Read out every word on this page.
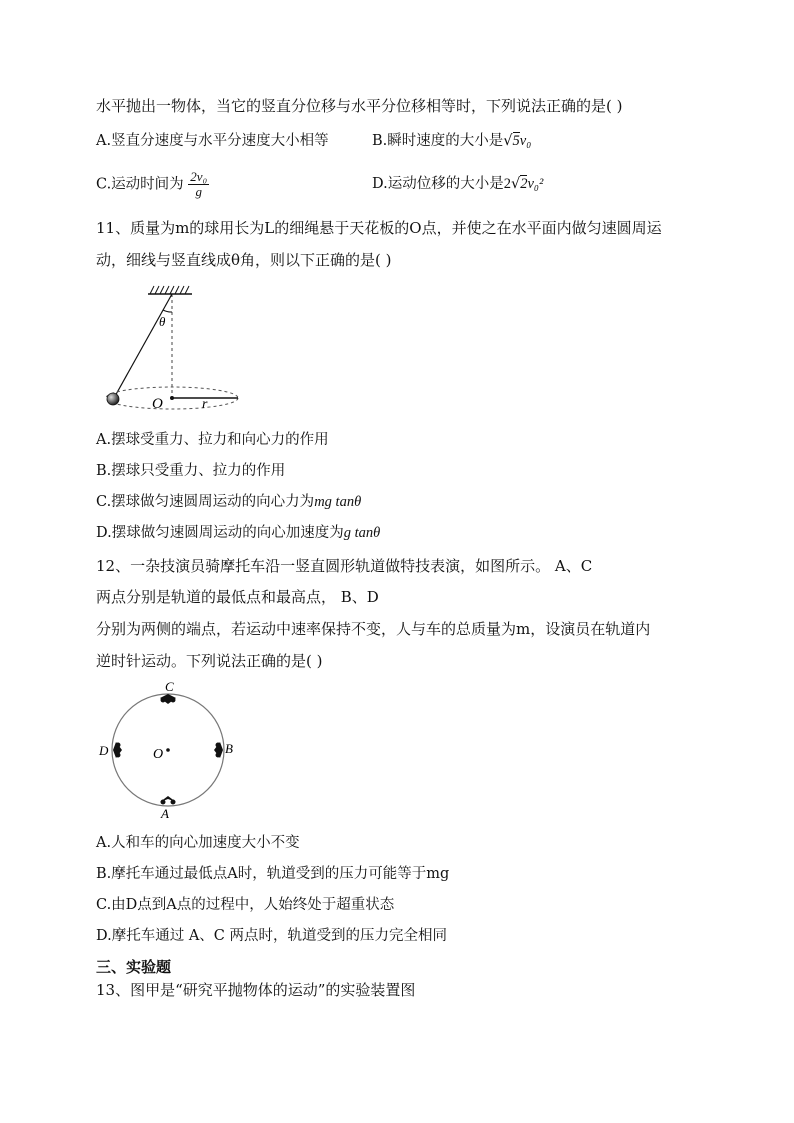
水平抛出一物体，当它的竖直分位移与水平分位移相等时，下列说法正确的是( )
A.竖直分速度与水平分速度大小相等	B.瞬时速度的大小是√5v₀
C.运动时间为 $\frac{\text{2v₀}}{g}$	D.运动位移的大小是2√2v₀²
11、质量为m的球用长为L的细绳悬于天花板的O点，并使之在水平面内做匀速圆周运
动，细线与竖直线成θ角，则以下正确的是( )
θ
O	r
A.摆球受重力、拉力和向心力的作用
B.摆球只受重力、拉力的作用
C.摆球做匀速圆周运动的向心力为mg tanθ
D.摆球做匀速圆周运动的向心加速度为g tanθ
12、一杂技演员骑摩托车沿一竖直圆形轨道做特技表演，如图所示。 A、C
两点分别是轨道的最低点和最高点， B、D
分别为两侧的端点，若运动中速率保持不变，人与车的总质量为m，设演员在轨道内
逆时针运动。下列说法正确的是( )
C
D	O	B
A
A.人和车的向心加速度大小不变
B.摩托车通过最低点A时，轨道受到的压力可能等于mg
C.由D点到A点的过程中，人始终处于超重状态
D.摩托车通过 A、C 两点时，轨道受到的压力完全相同
三、实验题
13、图甲是“研究平抛物体的运动”的实验装置图
